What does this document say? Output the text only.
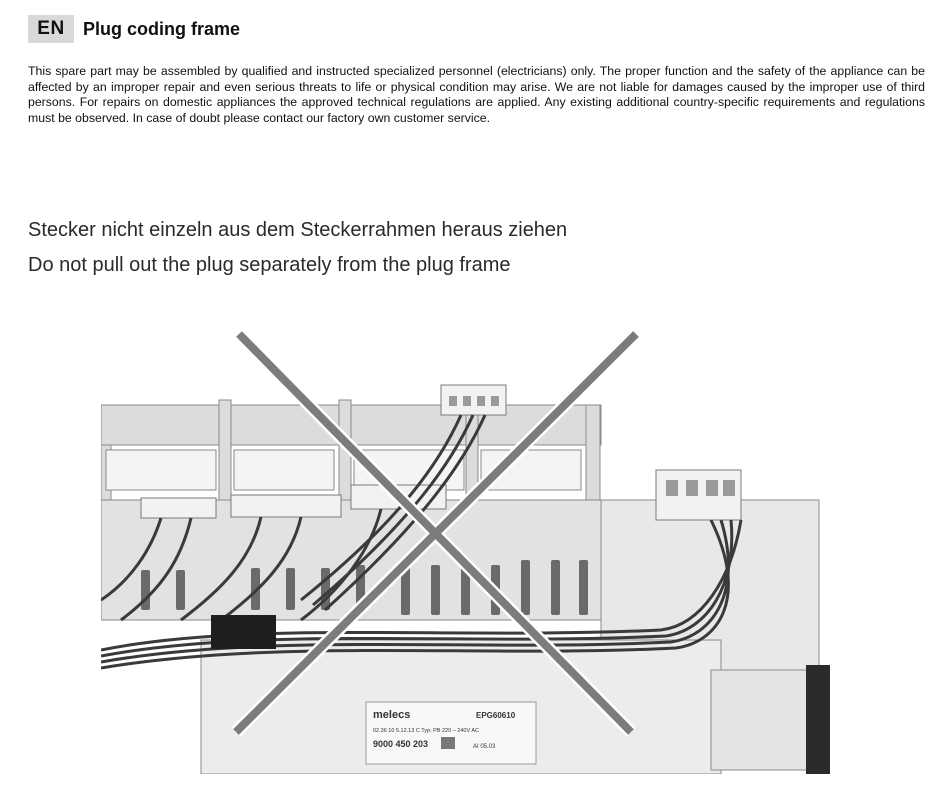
EN	Plug coding frame

This spare part may be assembled by qualified and instructed specialized personnel (electricians) only. The proper function and the safety of the appliance can be affected by an improper repair and even serious threats to life or physical condition may arise. We are not liable for damages caused by the improper use of third persons. For repairs on domestic appliances the approved technical regulations are applied. Any existing additional country-specific requirements and regulations must be observed. In case of doubt please contact our factory own customer service.

Stecker nicht einzeln aus dem Steckerrahmen heraus ziehen
Do not pull out the plug separately from the plug frame
melecs	EPG60610
02.36 10 5.12.13 C Typ: PB 220 – 240V AC
9000 450 203	AI 05.03
